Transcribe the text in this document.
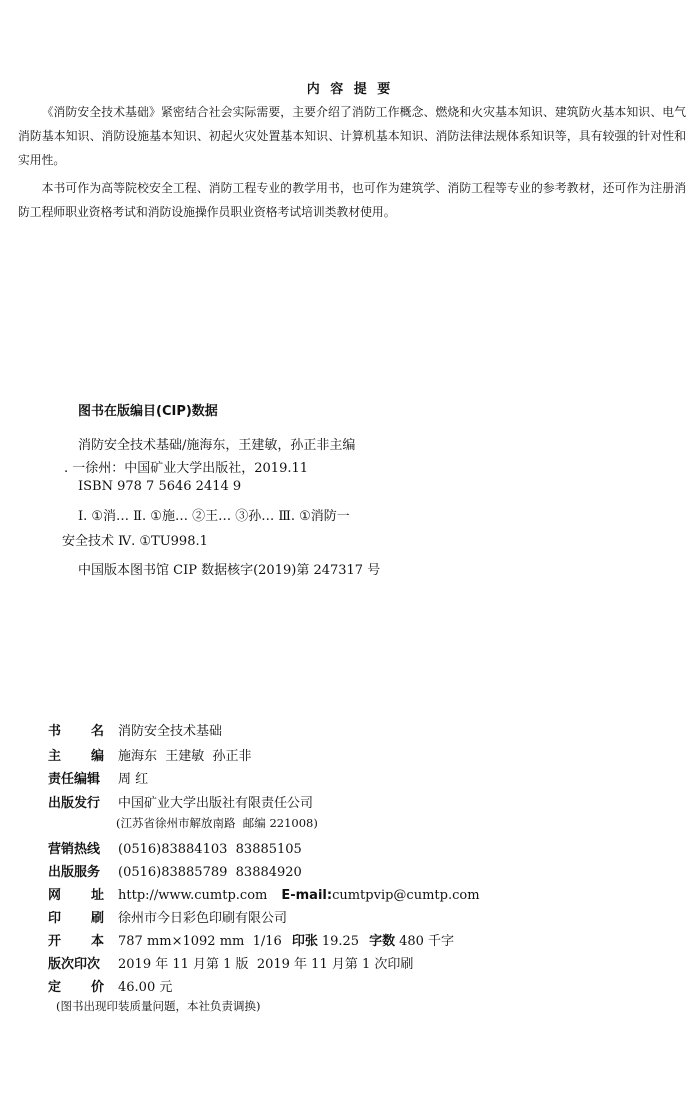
内 容 提 要
《消防安全技术基础》紧密结合社会实际需要，主要介绍了消防工作概念、燃烧和火灾基本知识、建筑防火基本知识、电气消防基本知识、消防设施基本知识、初起火灾处置基本知识、计算机基本知识、消防法律法规体系知识等，具有较强的针对性和实用性。
本书可作为高等院校安全工程、消防工程专业的教学用书，也可作为建筑学、消防工程等专业的参考教材，还可作为注册消防工程师职业资格考试和消防设施操作员职业资格考试培训类教材使用。
图书在版编目(CIP)数据
消防安全技术基础/施海东，王建敏，孙正非主编
. 一徐州：中国矿业大学出版社，2019.11
ISBN 978 7 5646 2414 9
Ⅰ. ①消… Ⅱ. ①施… ②王… ③孙… Ⅲ. ①消防一
安全技术 Ⅳ. ①TU998.1
中国版本图书馆 CIP 数据核字(2019)第 247317 号
书名 消防安全技术基础
主编 施海东  王建敏  孙正非
责任编辑 周 红
出版发行 中国矿业大学出版社有限责任公司
(江苏省徐州市解放南路  邮编 221008)
营销热线 (0516)83884103  83885105
出版服务 (0516)83885789  83884920
网址 http://www.cumtp.com E-mail:cumtpvip@cumtp.com
印刷 徐州市今日彩色印刷有限公司
开本 787 mm×1092 mm  1/16 印张 19.25 字数 480 千字
版次印次 2019 年 11 月第 1 版  2019 年 11 月第 1 次印刷
定价 46.00 元
(图书出现印装质量问题，本社负责调换)
